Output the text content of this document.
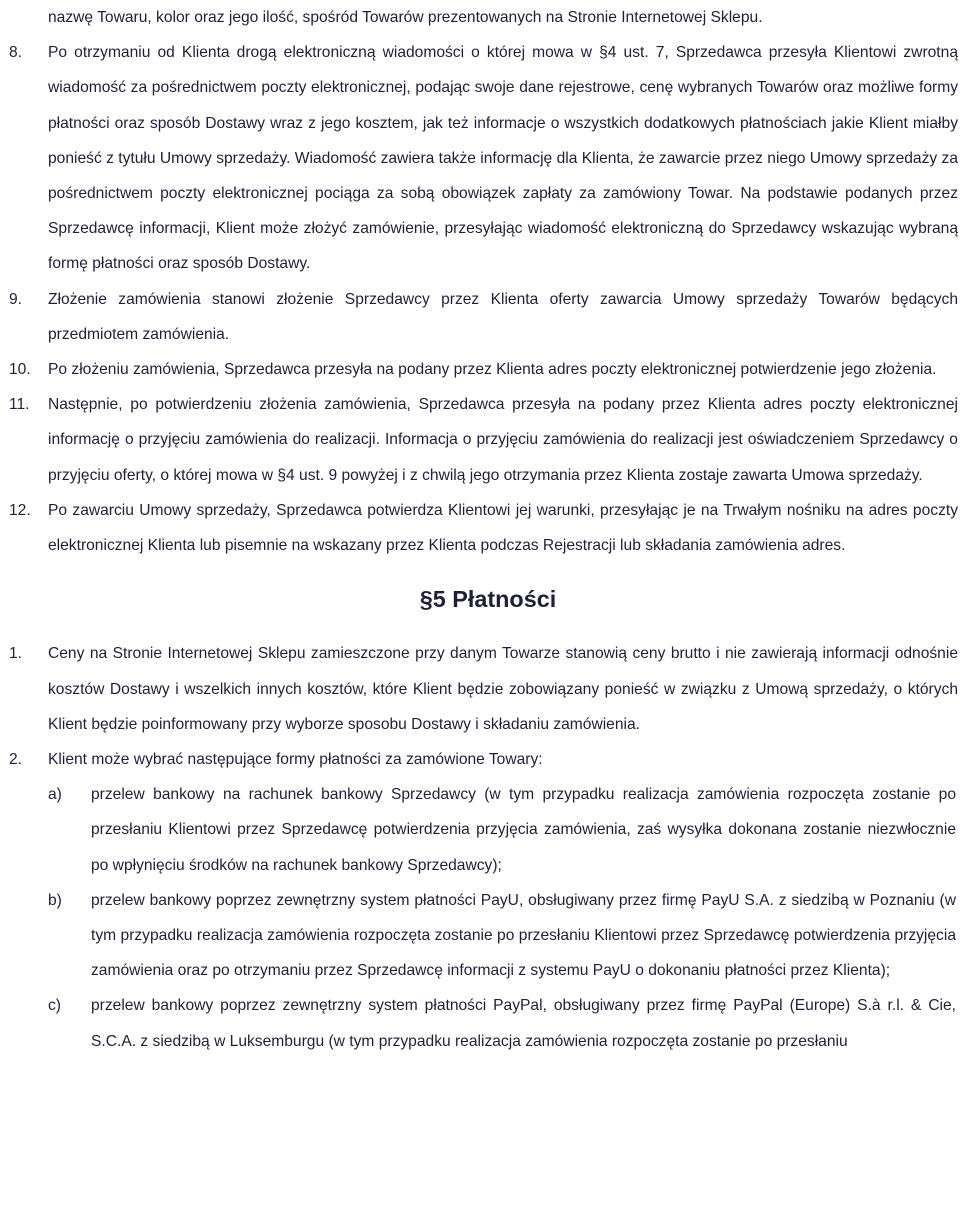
nazwę Towaru, kolor oraz jego ilość, spośród Towarów prezentowanych na Stronie Internetowej Sklepu.

8. Po otrzymaniu od Klienta drogą elektroniczną wiadomości o której mowa w §4 ust. 7, Sprzedawca przesyła Klientowi zwrotną wiadomość za pośrednictwem poczty elektronicznej, podając swoje dane rejestrowe, cenę wybranych Towarów oraz możliwe formy płatności oraz sposób Dostawy wraz z jego kosztem, jak też informacje o wszystkich dodatkowych płatnościach jakie Klient miałby ponieść z tytułu Umowy sprzedaży. Wiadomość zawiera także informację dla Klienta, że zawarcie przez niego Umowy sprzedaży za pośrednictwem poczty elektronicznej pociąga za sobą obowiązek zapłaty za zamówiony Towar. Na podstawie podanych przez Sprzedawcę informacji, Klient może złożyć zamówienie, przesyłając wiadomość elektroniczną do Sprzedawcy wskazując wybraną formę płatności oraz sposób Dostawy.

9. Złożenie zamówienia stanowi złożenie Sprzedawcy przez Klienta oferty zawarcia Umowy sprzedaży Towarów będących przedmiotem zamówienia.

10. Po złożeniu zamówienia, Sprzedawca przesyła na podany przez Klienta adres poczty elektronicznej potwierdzenie jego złożenia.

11. Następnie, po potwierdzeniu złożenia zamówienia, Sprzedawca przesyła na podany przez Klienta adres poczty elektronicznej informację o przyjęciu zamówienia do realizacji. Informacja o przyjęciu zamówienia do realizacji jest oświadczeniem Sprzedawcy o przyjęciu oferty, o której mowa w §4 ust. 9 powyżej i z chwilą jego otrzymania przez Klienta zostaje zawarta Umowa sprzedaży.

12. Po zawarciu Umowy sprzedaży, Sprzedawca potwierdza Klientowi jej warunki, przesyłając je na Trwałym nośniku na adres poczty elektronicznej Klienta lub pisemnie na wskazany przez Klienta podczas Rejestracji lub składania zamówienia adres.

§5 Płatności
1. Ceny na Stronie Internetowej Sklepu zamieszczone przy danym Towarze stanowią ceny brutto i nie zawierają informacji odnośnie kosztów Dostawy i wszelkich innych kosztów, które Klient będzie zobowiązany ponieść w związku z Umową sprzedaży, o których Klient będzie poinformowany przy wyborze sposobu Dostawy i składaniu zamówienia.

2. Klient może wybrać następujące formy płatności za zamówione Towary:

a) przelew bankowy na rachunek bankowy Sprzedawcy (w tym przypadku realizacja zamówienia rozpoczęta zostanie po przesłaniu Klientowi przez Sprzedawcę potwierdzenia przyjęcia zamówienia, zaś wysyłka dokonana zostanie niezwłocznie po wpłynięciu środków na rachunek bankowy Sprzedawcy);

b) przelew bankowy poprzez zewnętrzny system płatności PayU, obsługiwany przez firmę PayU S.A. z siedzibą w Poznaniu (w tym przypadku realizacja zamówienia rozpoczęta zostanie po przesłaniu Klientowi przez Sprzedawcę potwierdzenia przyjęcia zamówienia oraz po otrzymaniu przez Sprzedawcę informacji z systemu PayU o dokonaniu płatności przez Klienta);

c) przelew bankowy poprzez zewnętrzny system płatności PayPal, obsługiwany przez firmę PayPal (Europe) S.à r.l. & Cie, S.C.A. z siedzibą w Luksemburgu (w tym przypadku realizacja zamówienia rozpoczęta zostanie po przesłaniu
